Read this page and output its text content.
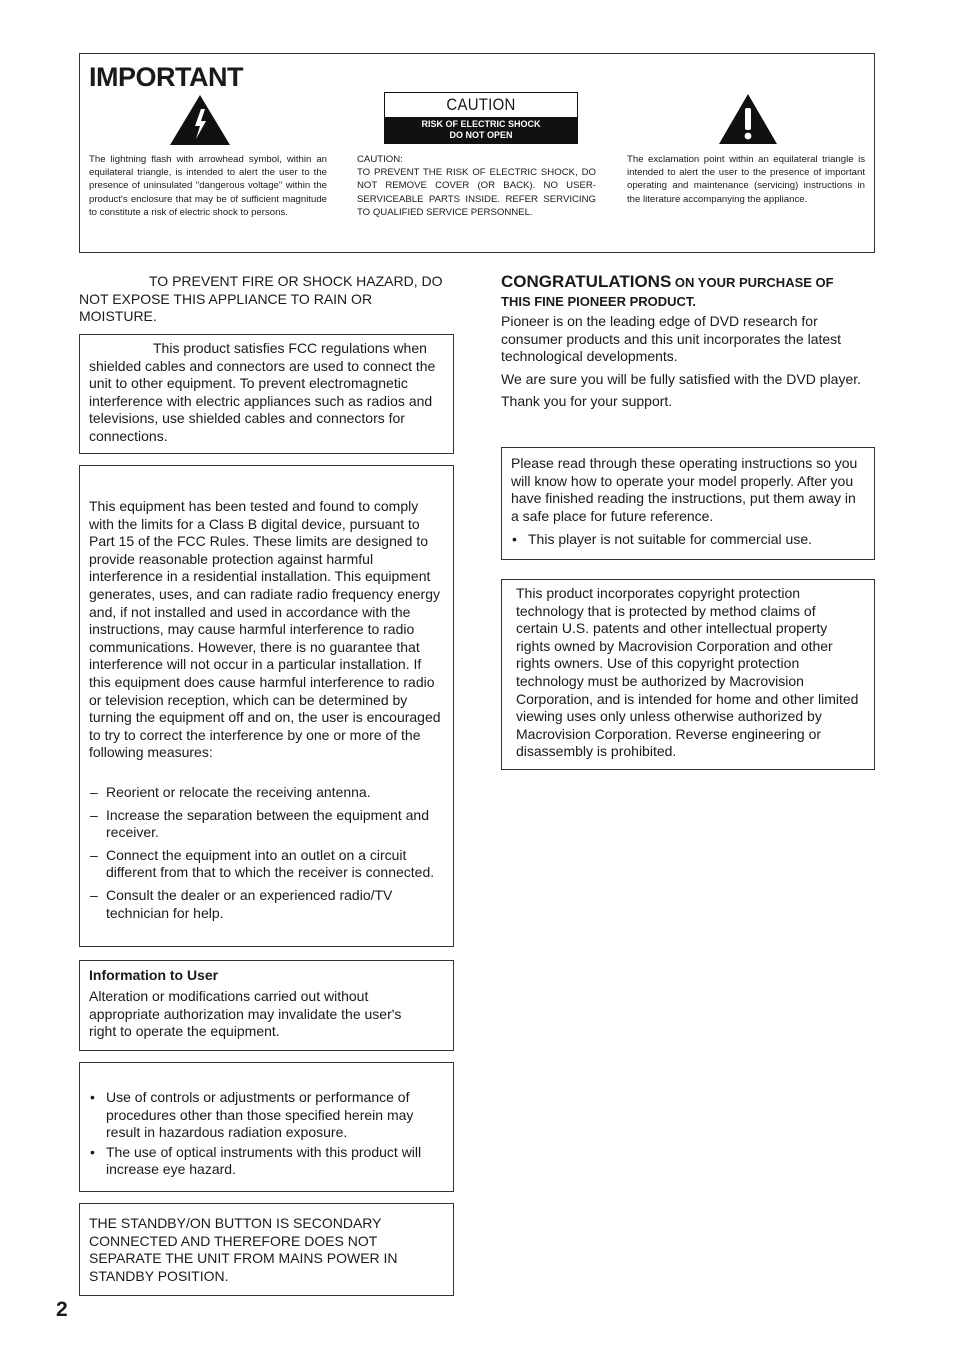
IMPORTANT
CAUTION
RISK OF ELECTRIC SHOCK
DO NOT OPEN

The lightning flash with arrowhead symbol, within an equilateral triangle, is intended to alert the user to the presence of uninsulated "dangerous voltage" within the product's enclosure that may be of sufficient magnitude to constitute a risk of electric shock to persons.

CAUTION:
TO PREVENT THE RISK OF ELECTRIC SHOCK, DO NOT REMOVE COVER (OR BACK). NO USER-SERVICEABLE PARTS INSIDE. REFER SERVICING TO QUALIFIED SERVICE PERSONNEL.

The exclamation point within an equilateral triangle is intended to alert the user to the presence of important operating and maintenance (servicing) instructions in the literature accompanying the appliance.

TO PREVENT FIRE OR SHOCK HAZARD, DO NOT EXPOSE THIS APPLIANCE TO RAIN OR MOISTURE.

This product satisfies FCC regulations when shielded cables and connectors are used to connect the unit to other equipment. To prevent electromagnetic interference with electric appliances such as radios and televisions, use shielded cables and connectors for connections.

This equipment has been tested and found to comply with the limits for a Class B digital device, pursuant to Part 15 of the FCC Rules. These limits are designed to provide reasonable protection against harmful interference in a residential installation. This equipment generates, uses, and can radiate radio frequency energy and, if not installed and used in accordance with the instructions, may cause harmful interference to radio communications. However, there is no guarantee that interference will not occur in a particular installation. If this equipment does cause harmful interference to radio or television reception, which can be determined by turning the equipment off and on, the user is encouraged to try to correct the interference by one or more of the following measures:

– Reorient or relocate the receiving antenna.
– Increase the separation between the equipment and receiver.
– Connect the equipment into an outlet on a circuit different from that to which the receiver is connected.
– Consult the dealer or an experienced radio/TV technician for help.
Information to User

Alteration or modifications carried out without appropriate authorization may invalidate the user's right to operate the equipment.

• Use of controls or adjustments or performance of procedures other than those specified herein may result in hazardous radiation exposure.
• The use of optical instruments with this product will increase eye hazard.

THE STANDBY/ON BUTTON IS SECONDARY CONNECTED AND THEREFORE DOES NOT SEPARATE THE UNIT FROM MAINS POWER IN STANDBY POSITION.

2
CONGRATULATIONS ON YOUR PURCHASE OF
THIS FINE PIONEER PRODUCT.

Pioneer is on the leading edge of DVD research for consumer products and this unit incorporates the latest technological developments.

We are sure you will be fully satisfied with the DVD player.

Thank you for your support.

Please read through these operating instructions so you will know how to operate your model properly. After you have finished reading the instructions, put them away in a safe place for future reference.

• This player is not suitable for commercial use.

This product incorporates copyright protection technology that is protected by method claims of certain U.S. patents and other intellectual property rights owned by Macrovision Corporation and other rights owners. Use of this copyright protection technology must be authorized by Macrovision Corporation, and is intended for home and other limited viewing uses only unless otherwise authorized by Macrovision Corporation. Reverse engineering or disassembly is prohibited.
